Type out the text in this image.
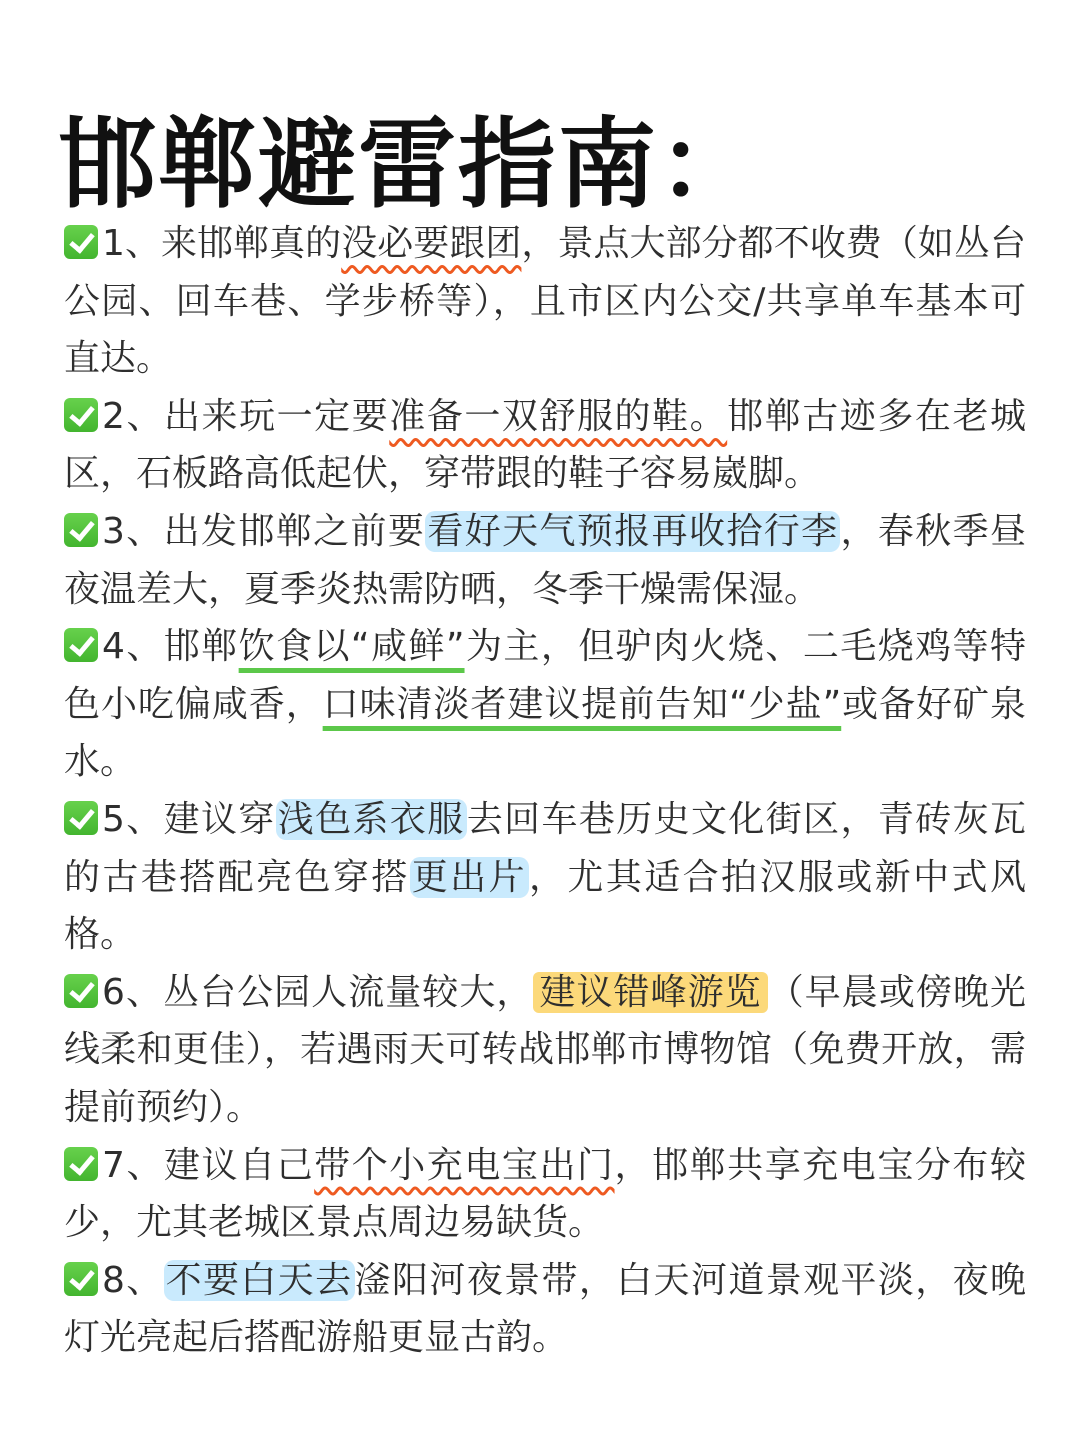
邯郸避雷指南：
1、来邯郸真的没必要跟团，景点大部分都不收费（如丛台公园、回车巷、学步桥等），且市区内公交/共享单车基本可直达。
2、出来玩一定要准备一双舒服的鞋。邯郸古迹多在老城区，石板路高低起伏，穿带跟的鞋子容易崴脚。
3、出发邯郸之前要看好天气预报再收拾行李，春秋季昼夜温差大，夏季炎热需防晒，冬季干燥需保湿。
4、邯郸饮食以“咸鲜”为主，但驴肉火烧、二毛烧鸡等特色小吃偏咸香，口味清淡者建议提前告知“少盐”或备好矿泉水。
5、建议穿浅色系衣服去回车巷历史文化街区，青砖灰瓦的古巷搭配亮色穿搭更出片，尤其适合拍汉服或新中式风格。
6、丛台公园人流量较大， 建议错峰游览 （早晨或傍晚光线柔和更佳），若遇雨天可转战邯郸市博物馆（免费开放，需提前预约）。
7、建议自己带个小充电宝出门，邯郸共享充电宝分布较少，尤其老城区景点周边易缺货。
8、不要白天去滏阳河夜景带，白天河道景观平淡，夜晚灯光亮起后搭配游船更显古韵。
